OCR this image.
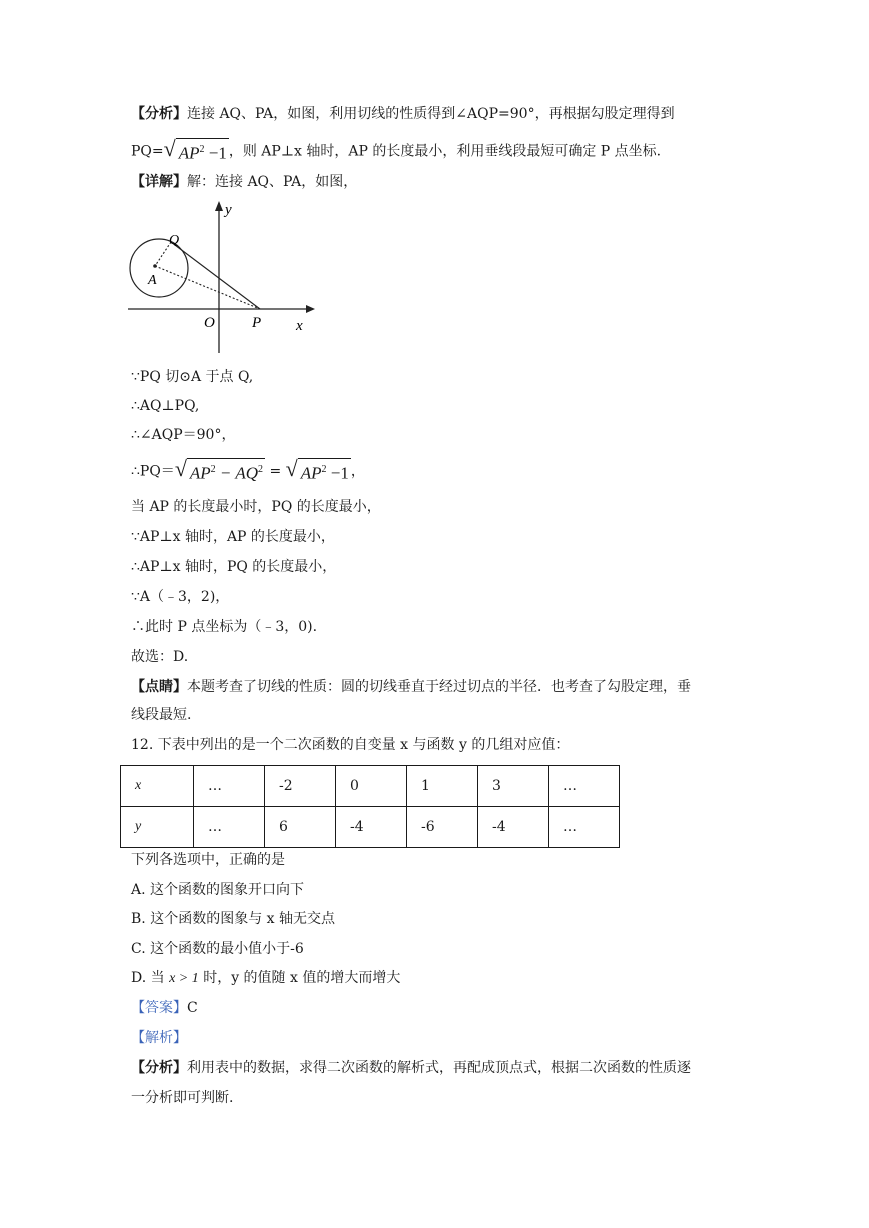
【分析】连接 AQ、PA，如图，利用切线的性质得到∠AQP=90°，再根据勾股定理得到
PQ=√ $AP^2 -1$ ，则 AP⊥x 轴时，AP 的长度最小，利用垂线段最短可确定 P 点坐标.
【详解】解：连接 AQ、PA，如图，
y
x
Q
A
O P
∵PQ 切⊙A 于点 Q,
∴AQ⊥PQ,
∴∠AQP＝90°，
∴PQ＝√ $AP^2 - AQ^2$ = √ $AP^2 -1$ ，
当 AP 的长度最小时，PQ 的长度最小，
∵AP⊥x 轴时，AP 的长度最小，
∴AP⊥x 轴时，PQ 的长度最小，
∵A（﹣3，2)，
∴此时 P 点坐标为（﹣3，0).
故选：D.
【点睛】本题考查了切线的性质：圆的切线垂直于经过切点的半径．也考查了勾股定理，垂
线段最短.
12. 下表中列出的是一个二次函数的自变量 x 与函数 y 的几组对应值：
x	…	-2	0	1	3	…
y	…	6	-4	-6	-4	…
下列各选项中，正确的是
A. 这个函数的图象开口向下
B. 这个函数的图象与 x 轴无交点
C. 这个函数的最小值小于-6
D. 当 x > 1 时，y 的值随 x 值的增大而增大
【答案】C
【解析】
【分析】利用表中的数据，求得二次函数的解析式，再配成顶点式，根据二次函数的性质逐
一分析即可判断.
